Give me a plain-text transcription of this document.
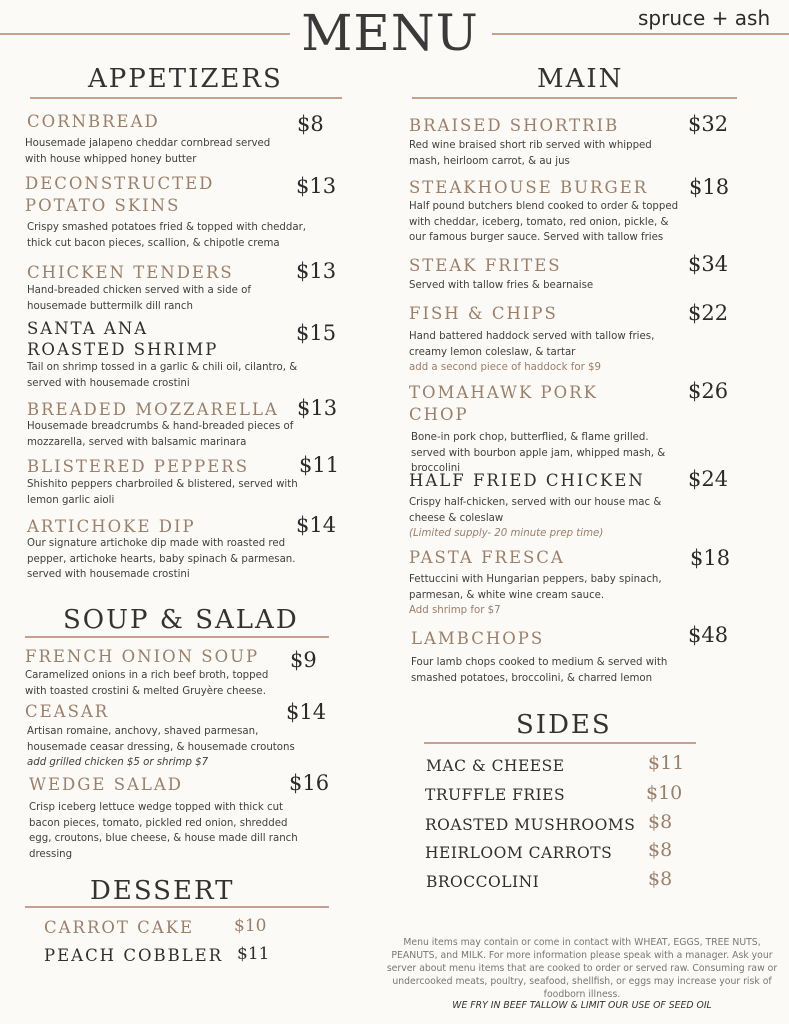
MENU	spruce + ash
APPETIZERS
CORNBREAD	$8
Housemade jalapeno cheddar cornbread served with house whipped honey butter
DECONSTRUCTED
POTATO SKINS
$13
Crispy smashed potatoes fried & topped with cheddar, thick cut bacon pieces, scallion, & chipotle crema
CHICKEN TENDERS	$13
Hand-breaded chicken served with a side of housemade buttermilk dill ranch
SANTA ANA
ROASTED SHRIMP
$15
Tail on shrimp tossed in a garlic & chili oil, cilantro, & served with housemade crostini
BREADED MOZZARELLA $13
Housemade breadcrumbs & hand-breaded pieces of mozzarella, served with balsamic marinara
BLISTERED PEPPERS $11
Shishito peppers charbroiled & blistered, served with lemon garlic aioli
ARTICHOKE DIP	$14
Our signature artichoke dip made with roasted red pepper, artichoke hearts, baby spinach & parmesan. served with housemade crostini
SOUP & SALAD
FRENCH ONION SOUP $9
Caramelized onions in a rich beef broth, topped with toasted crostini & melted Gruyère cheese.
CEASAR	$14
Artisan romaine, anchovy, shaved parmesan, housemade ceasar dressing, & housemade croutons
add grilled chicken $5 or shrimp $7
WEDGE SALAD	$16
Crisp iceberg lettuce wedge topped with thick cut bacon pieces, tomato, pickled red onion, shredded egg, croutons, blue cheese, & house made dill ranch dressing
DESSERT
CARROT CAKE $10
PEACH COBBLER $11
MAIN
BRAISED SHORTRIB	$32
Red wine braised short rib served with whipped mash, heirloom carrot, & au jus
STEAKHOUSE BURGER $18
Half pound butchers blend cooked to order & topped with cheddar, iceberg, tomato, red onion, pickle, & our famous burger sauce. Served with tallow fries
STEAK FRITES	$34
Served with tallow fries & bearnaise
FISH & CHIPS	$22
Hand battered haddock served with tallow fries, creamy lemon coleslaw, & tartar
add a second piece of haddock for $9
TOMAHAWK PORK
CHOP
$26
Bone-in pork chop, butterflied, & flame grilled. served with bourbon apple jam, whipped mash, & broccolini
HALF FRIED CHICKEN $24
Crispy half-chicken, served with our house mac & cheese & coleslaw
(Limited supply- 20 minute prep time)
PASTA FRESCA	$18
Fettuccini with Hungarian peppers, baby spinach, parmesan, & white wine cream sauce.
Add shrimp for $7
LAMBCHOPS	$48
Four lamb chops cooked to medium & served with smashed potatoes, broccolini, & charred lemon
SIDES
MAC & CHEESE	$11
TRUFFLE FRIES	$10
ROASTED MUSHROOMS $8
HEIRLOOM CARROTS $8
BROCCOLINI	$8
Menu items may contain or come in contact with WHEAT, EGGS, TREE NUTS, PEANUTS, and MILK. For more information please speak with a manager. Ask your server about menu items that are cooked to order or served raw. Consuming raw or undercooked meats, poultry, seafood, shellfish, or eggs may increase your risk of foodborn illness.
WE FRY IN BEEF TALLOW & LIMIT OUR USE OF SEED OIL
